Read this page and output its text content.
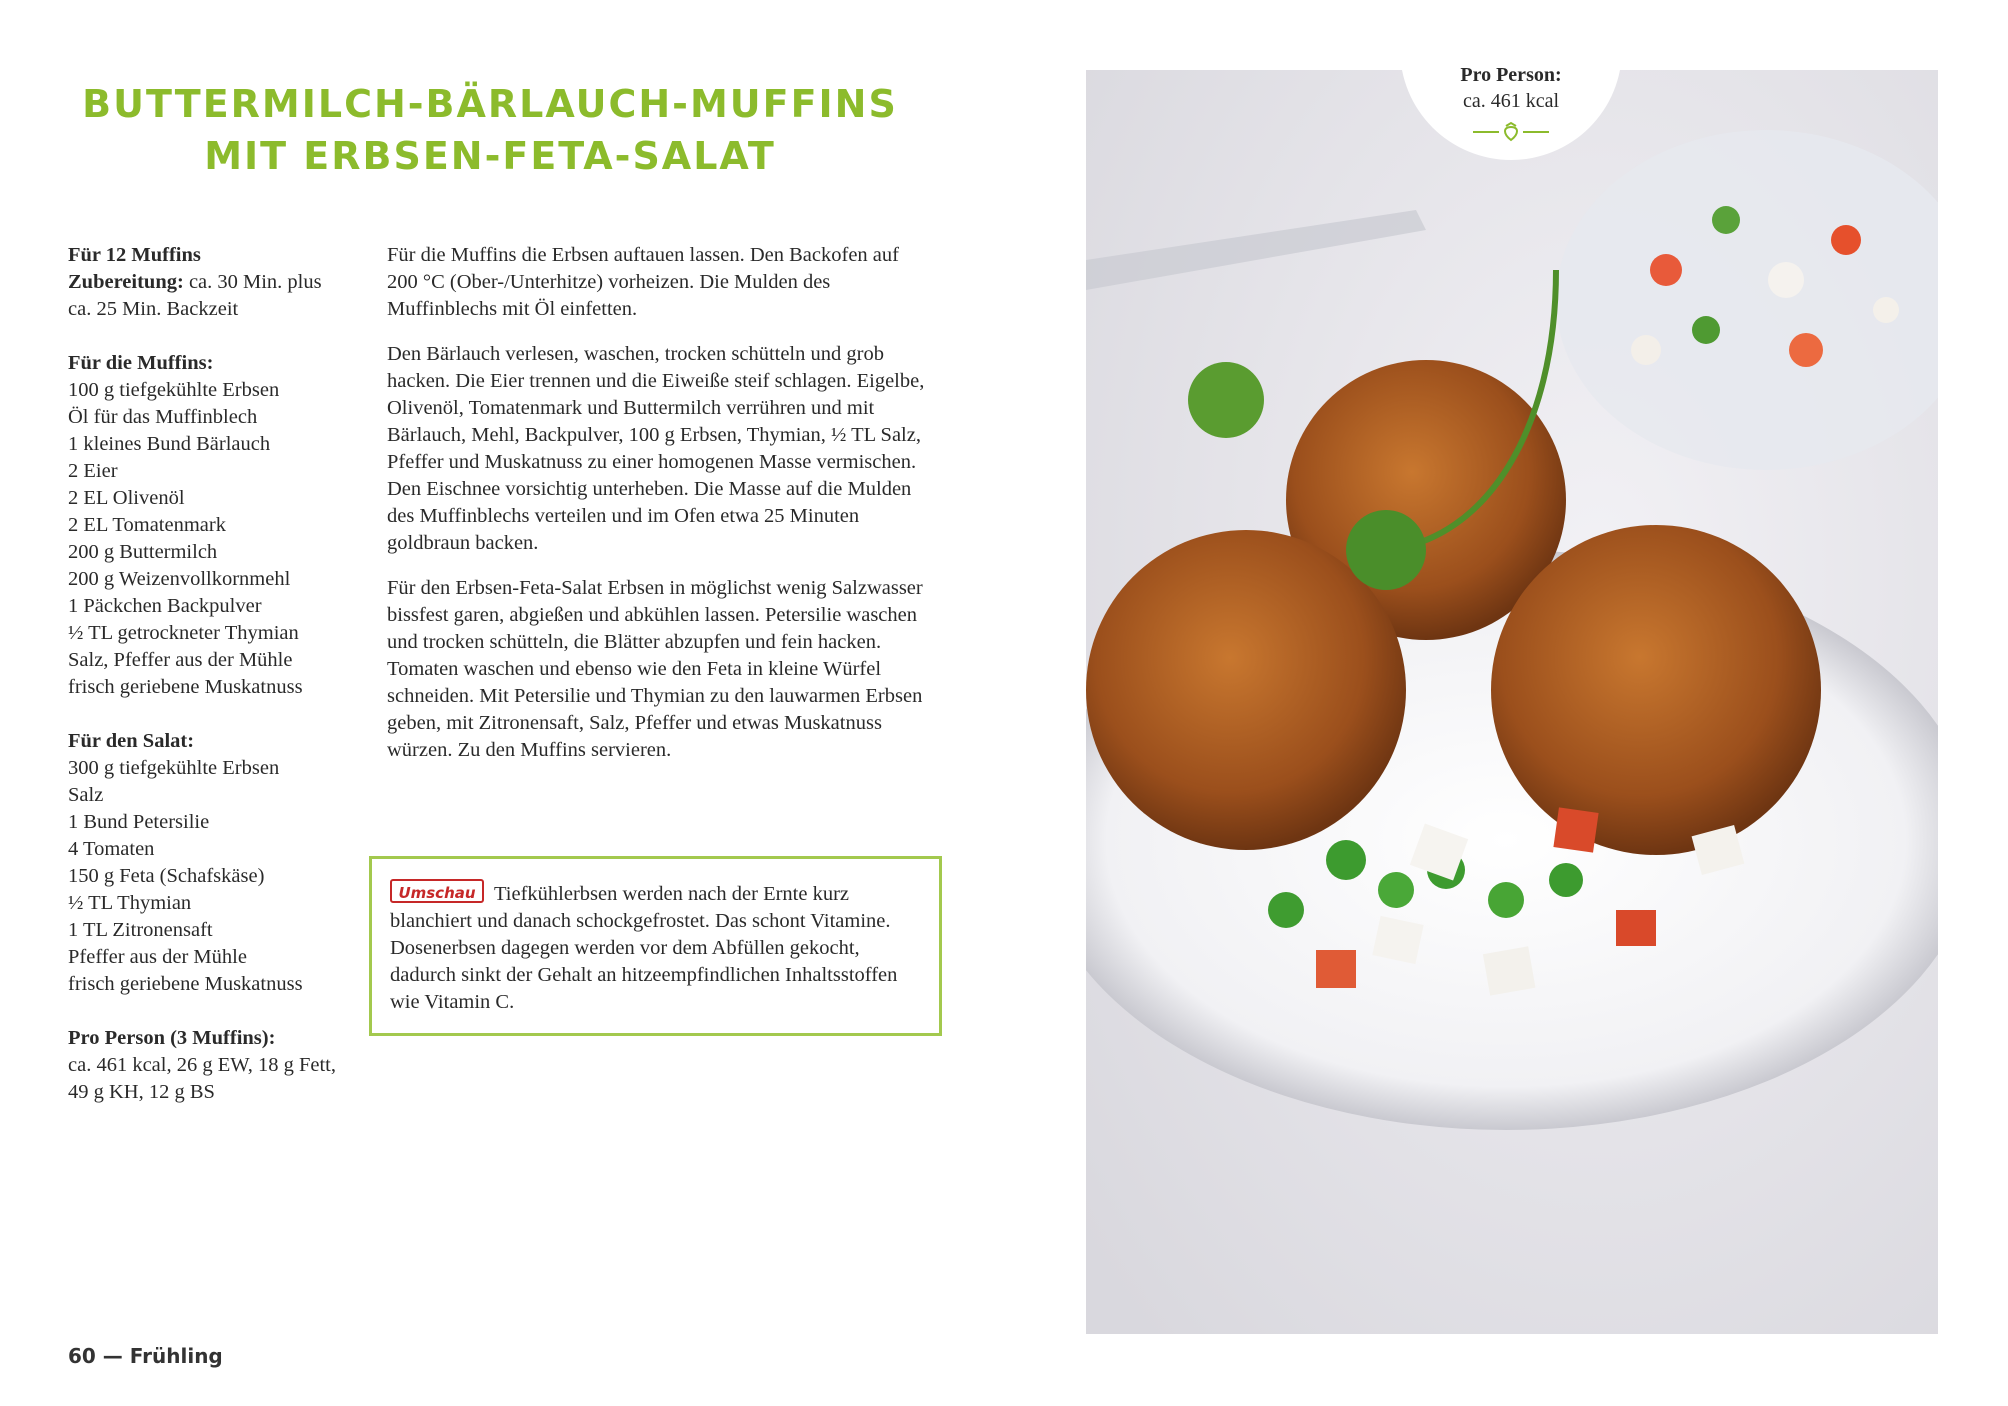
BUTTERMILCH-BÄRLAUCH-MUFFINS
MIT ERBSEN-FETA-SALAT

Für 12 Muffins
Zubereitung: ca. 30 Min. plus
ca. 25 Min. Backzeit

Für die Muffins:
100 g tiefgekühlte Erbsen
Öl für das Muffinblech
1 kleines Bund Bärlauch
2 Eier
2 EL Olivenöl
2 EL Tomatenmark
200 g Buttermilch
200 g Weizenvollkornmehl
1 Päckchen Backpulver
½ TL getrockneter Thymian
Salz, Pfeffer aus der Mühle
frisch geriebene Muskatnuss

Für den Salat:
300 g tiefgekühlte Erbsen
Salz
1 Bund Petersilie
4 Tomaten
150 g Feta (Schafskäse)
½ TL Thymian
1 TL Zitronensaft
Pfeffer aus der Mühle
frisch geriebene Muskatnuss

Pro Person (3 Muffins):
ca. 461 kcal, 26 g EW, 18 g Fett,
49 g KH, 12 g BS

Für die Muffins die Erbsen auftauen lassen. Den Backofen auf 200 °C (Ober-/Unterhitze) vorheizen. Die Mulden des Muffinblechs mit Öl einfetten.

Den Bärlauch verlesen, waschen, trocken schütteln und grob hacken. Die Eier trennen und die Eiweiße steif schlagen. Eigelbe, Olivenöl, Tomatenmark und Buttermilch verrühren und mit Bärlauch, Mehl, Backpulver, 100 g Erbsen, Thymian, ½ TL Salz, Pfeffer und Muskatnuss zu einer homogenen Masse vermischen. Den Eischnee vorsichtig unterheben. Die Masse auf die Mulden des Muffinblechs verteilen und im Ofen etwa 25 Minuten goldbraun backen.

Für den Erbsen-Feta-Salat Erbsen in möglichst wenig Salzwasser bissfest garen, abgießen und abkühlen lassen. Petersilie waschen und trocken schütteln, die Blätter abzupfen und fein hacken. Tomaten waschen und ebenso wie den Feta in kleine Würfel schneiden. Mit Petersilie und Thymian zu den lauwarmen Erbsen geben, mit Zitronensaft, Salz, Pfeffer und etwas Muskatnuss würzen. Zu den Muffins servieren.

Umschau Tiefkühlerbsen werden nach der Ernte kurz blanchiert und danach schockgefrostet. Das schont Vitamine. Dosenerbsen dagegen werden vor dem Abfüllen gekocht, dadurch sinkt der Gehalt an hitzeempfindlichen Inhaltsstoffen wie Vitamin C.
Pro Person:
ca. 461 kcal
60 — Frühling
